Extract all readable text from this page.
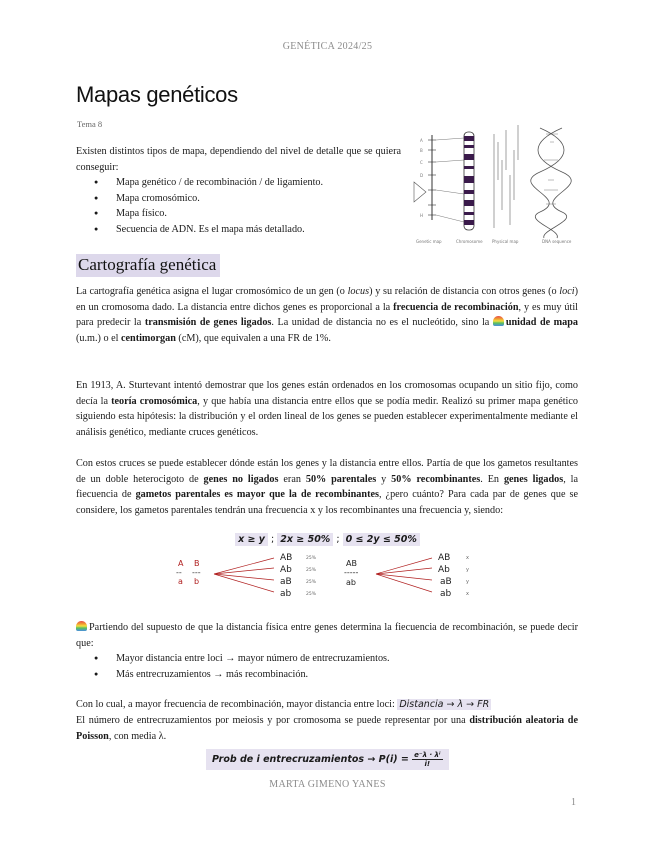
GENÉTICA 2024/25
Mapas genéticos
Tema 8
Existen distintos tipos de mapa, dependiendo del nivel de detalle que se quiera conseguir:
● Mapa genético / de recombinación / de ligamiento.
● Mapa cromosómico.
● Mapa físico.
● Secuencia de ADN. Es el mapa más detallado.
A
B
C
D
H
Genetic map	Chromosome Physical map	DNA sequence
Cartografía genética
La cartografía genética asigna el lugar cromosómico de un gen (o locus) y su relación de distancia con otros genes (o loci) en un cromosoma dado. La distancia entre dichos genes es proporcional a la frecuencia de recombinación, y es muy útil para predecir la transmisión de genes ligados. La unidad de distancia no es el nucleótido, sino la unidad de mapa (u.m.) o el centimorgan (cM), que equivalen a una FR de 1%.
En 1913, A. Sturtevant intentó demostrar que los genes están ordenados en los cromosomas ocupando un sitio fijo, como decía la teoría cromosómica, y que había una distancia entre ellos que se podía medir. Realizó su primer mapa genético siguiendo esta hipótesis: la distribución y el orden lineal de los genes se pueden establecer experimentalmente mediante el análisis genético, mediante cruces genéticos.
Con estos cruces se puede establecer dónde están los genes y la distancia entre ellos. Partía de que los gametos resultantes de un doble heterocigoto de genes no ligados eran 50% parentales y 50% recombinantes. En genes ligados, la fiecuencia de gametos parentales es mayor que la de recombinantes, ¿pero cuánto? Para cada par de genes que se considere, los gametos parentales tendrán una frecuencia x y los recombinantes una frecuencia y, siendo:
x ≥ y ; 2x ≥ 50% ; 0 ≤ 2y ≤ 50%
A B
-- ---
a b
AB
Ab
aB
ab
25%
25%
25%
25%
AB
-----
ab
AB
Ab
aB
ab
x
y
y
x
Partiendo del supuesto de que la distancia física entre genes determina la fiecuencia de recombinación, se puede decir que:
● Mayor distancia entre loci → mayor número de entrecruzamientos.
● Más entrecruzamientos → más recombinación.
Con lo cual, a mayor frecuencia de recombinación, mayor distancia entre loci: Distancia → λ → FR
El número de entrecruzamientos por meiosis y por cromosoma se puede representar por una distribución aleatoria de Poisson, con media λ.
Prob de i entrecruzamientos → $P(i) = \frac{\text{e⁻λ · λⁱ}}{i!}$
MARTA GIMENO YANES
1
